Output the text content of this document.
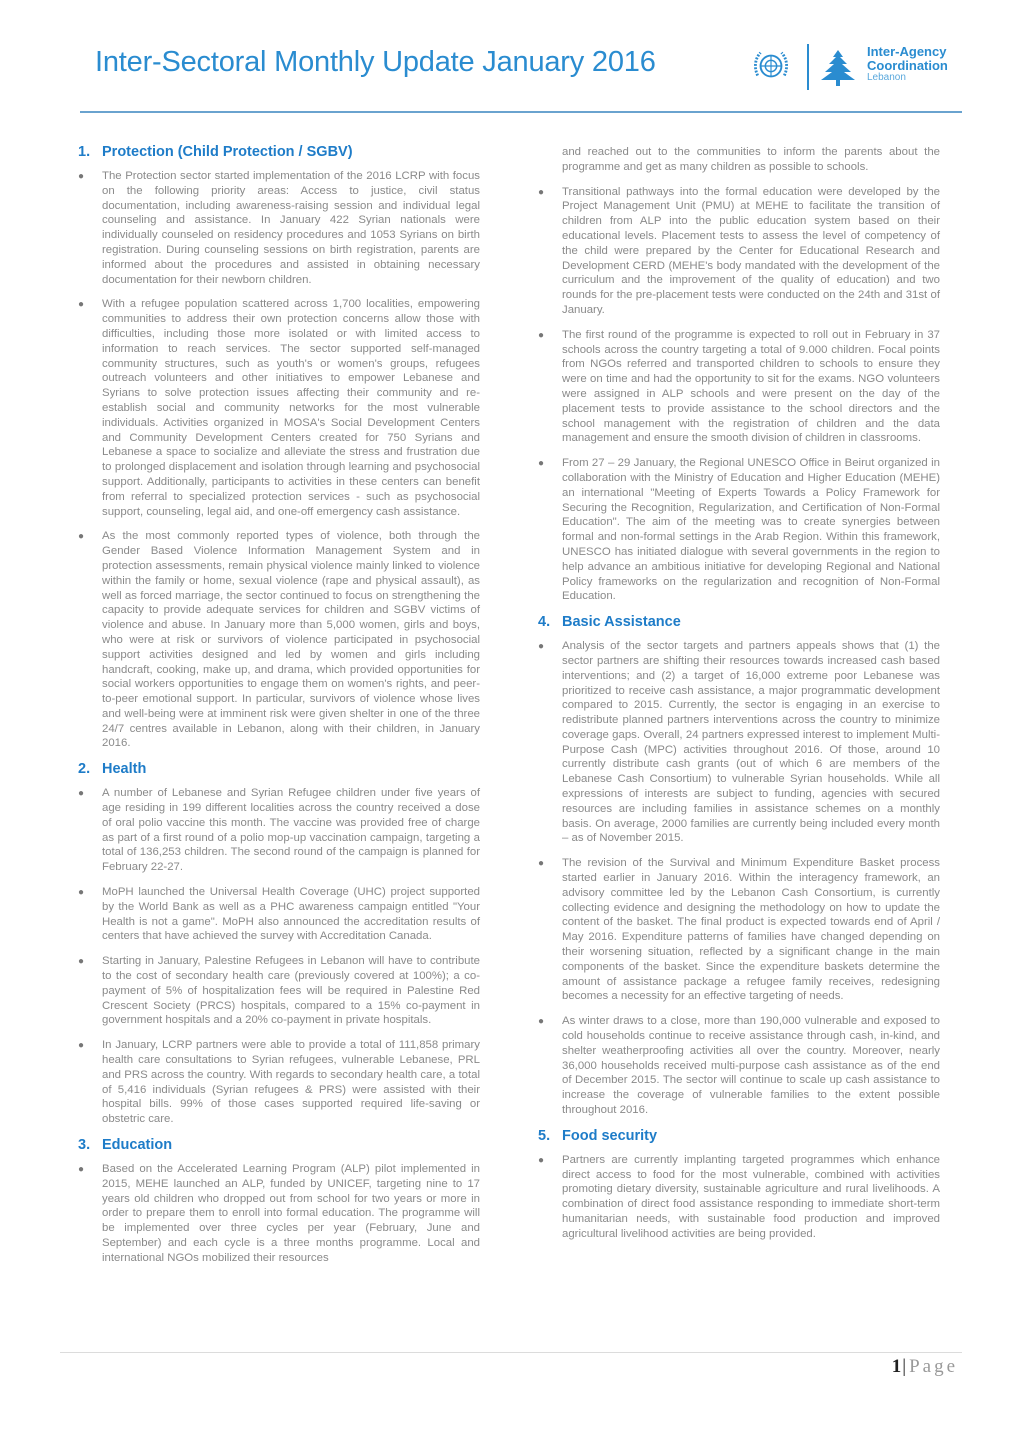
Inter-Sectoral Monthly Update January 2016	Inter-Agency
Coordination
Lebanon
1. Protection (Child Protection / SGBV)
●	The Protection sector started implementation of the 2016 LCRP with focus on the following priority areas: Access to justice, civil status documentation, including awareness-raising session and individual legal counseling and assistance. In January 422 Syrian nationals were individually counseled on residency procedures and 1053 Syrians on birth registration. During counseling sessions on birth registration, parents are informed about the procedures and assisted in obtaining necessary documentation for their newborn children.

●	With a refugee population scattered across 1,700 localities, empowering communities to address their own protection concerns allow those with difficulties, including those more isolated or with limited access to information to reach services. The sector supported self-managed community structures, such as youth's or women's groups, refugees outreach volunteers and other initiatives to empower Lebanese and Syrians to solve protection issues affecting their community and re-establish social and community networks for the most vulnerable individuals. Activities organized in MOSA's Social Development Centers and Community Development Centers created for 750 Syrians and Lebanese a space to socialize and alleviate the stress and frustration due to prolonged displacement and isolation through learning and psychosocial support. Additionally, participants to activities in these centers can benefit from referral to specialized protection services - such as psychosocial support, counseling, legal aid, and one-off emergency cash assistance.

●	As the most commonly reported types of violence, both through the Gender Based Violence Information Management System and in protection assessments, remain physical violence mainly linked to violence within the family or home, sexual violence (rape and physical assault), as well as forced marriage, the sector continued to focus on strengthening the capacity to provide adequate services for children and SGBV victims of violence and abuse. In January more than 5,000 women, girls and boys, who were at risk or survivors of violence participated in psychosocial support activities designed and led by women and girls including handcraft, cooking, make up, and drama, which provided opportunities for social workers opportunities to engage them on women's rights, and peer-to-peer emotional support. In particular, survivors of violence whose lives and well-being were at imminent risk were given shelter in one of the three 24/7 centres available in Lebanon, along with their children, in January 2016.

2. Health
●	A number of Lebanese and Syrian Refugee children under five years of age residing in 199 different localities across the country received a dose of oral polio vaccine this month. The vaccine was provided free of charge as part of a first round of a polio mop-up vaccination campaign, targeting a total of 136,253 children. The second round of the campaign is planned for February 22-27.

●	MoPH launched the Universal Health Coverage (UHC) project supported by the World Bank as well as a PHC awareness campaign entitled "Your Health is not a game". MoPH also announced the accreditation results of centers that have achieved the survey with Accreditation Canada.

●	Starting in January, Palestine Refugees in Lebanon will have to contribute to the cost of secondary health care (previously covered at 100%); a co-payment of 5% of hospitalization fees will be required in Palestine Red Crescent Society (PRCS) hospitals, compared to a 15% co-payment in government hospitals and a 20% co-payment in private hospitals.

●	In January, LCRP partners were able to provide a total of 111,858 primary health care consultations to Syrian refugees, vulnerable Lebanese, PRL and PRS across the country. With regards to secondary health care, a total of 5,416 individuals (Syrian refugees & PRS) were assisted with their hospital bills. 99% of those cases supported required life-saving or obstetric care.

3. Education
●	Based on the Accelerated Learning Program (ALP) pilot implemented in 2015, MEHE launched an ALP, funded by UNICEF, targeting nine to 17 years old children who dropped out from school for two years or more in order to prepare them to enroll into formal education. The programme will be implemented over three cycles per year (February, June and September) and each cycle is a three months programme. Local and international NGOs mobilized their resources

and reached out to the communities to inform the parents about the programme and get as many children as possible to schools.

●	Transitional pathways into the formal education were developed by the Project Management Unit (PMU) at MEHE to facilitate the transition of children from ALP into the public education system based on their educational levels. Placement tests to assess the level of competency of the child were prepared by the Center for Educational Research and Development CERD (MEHE's body mandated with the development of the curriculum and the improvement of the quality of education) and two rounds for the pre-placement tests were conducted on the 24th and 31st of January.

●	The first round of the programme is expected to roll out in February in 37 schools across the country targeting a total of 9.000 children. Focal points from NGOs referred and transported children to schools to ensure they were on time and had the opportunity to sit for the exams. NGO volunteers were assigned in ALP schools and were present on the day of the placement tests to provide assistance to the school directors and the school management with the registration of children and the data management and ensure the smooth division of children in classrooms.

●	From 27 – 29 January, the Regional UNESCO Office in Beirut organized in collaboration with the Ministry of Education and Higher Education (MEHE) an international "Meeting of Experts Towards a Policy Framework for Securing the Recognition, Regularization, and Certification of Non-Formal Education". The aim of the meeting was to create synergies between formal and non-formal settings in the Arab Region. Within this framework, UNESCO has initiated dialogue with several governments in the region to help advance an ambitious initiative for developing Regional and National Policy frameworks on the regularization and recognition of Non-Formal Education.

4. Basic Assistance
●	Analysis of the sector targets and partners appeals shows that (1) the sector partners are shifting their resources towards increased cash based interventions; and (2) a target of 16,000 extreme poor Lebanese was prioritized to receive cash assistance, a major programmatic development compared to 2015. Currently, the sector is engaging in an exercise to redistribute planned partners interventions across the country to minimize coverage gaps. Overall, 24 partners expressed interest to implement Multi-Purpose Cash (MPC) activities throughout 2016. Of those, around 10 currently distribute cash grants (out of which 6 are members of the Lebanese Cash Consortium) to vulnerable Syrian households. While all expressions of interests are subject to funding, agencies with secured resources are including families in assistance schemes on a monthly basis. On average, 2000 families are currently being included every month – as of November 2015.

●	The revision of the Survival and Minimum Expenditure Basket process started earlier in January 2016. Within the interagency framework, an advisory committee led by the Lebanon Cash Consortium, is currently collecting evidence and designing the methodology on how to update the content of the basket. The final product is expected towards end of April / May 2016. Expenditure patterns of families have changed depending on their worsening situation, reflected by a significant change in the main components of the basket. Since the expenditure baskets determine the amount of assistance package a refugee family receives, redesigning becomes a necessity for an effective targeting of needs.

●	As winter draws to a close, more than 190,000 vulnerable and exposed to cold households continue to receive assistance through cash, in-kind, and shelter weatherproofing activities all over the country. Moreover, nearly 36,000 households received multi-purpose cash assistance as of the end of December 2015. The sector will continue to scale up cash assistance to increase the coverage of vulnerable families to the extent possible throughout 2016.

5. Food security
●	Partners are currently implanting targeted programmes which enhance direct access to food for the most vulnerable, combined with activities promoting dietary diversity, sustainable agriculture and rural livelihoods. A combination of direct food assistance responding to immediate short-term humanitarian needs, with sustainable food production and improved agricultural livelihood activities are being provided.

1| Page
